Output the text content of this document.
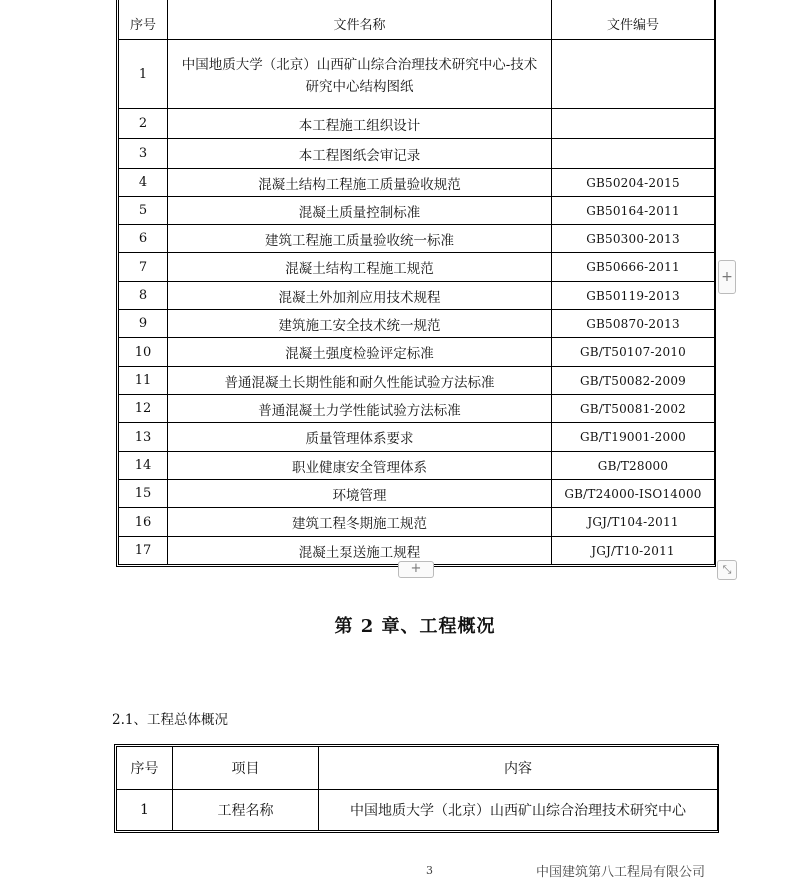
序号	文件名称	文件编号
1	中国地质大学（北京）山西矿山综合治理技术研究中心-技术
研究中心结构图纸	

2	本工程施工组织设计	
3	本工程图纸会审记录	
4	混凝土结构工程施工质量验收规范	GB50204-2015
5	混凝土质量控制标准	GB50164-2011
6	建筑工程施工质量验收统一标准	GB50300-2013
7	混凝土结构工程施工规范	GB50666-2011
8	混凝土外加剂应用技术规程	GB50119-2013
9	建筑施工安全技术统一规范	GB50870-2013
10	混凝土强度检验评定标准	GB/T50107-2010
11	普通混凝土长期性能和耐久性能试验方法标准	GB/T50082-2009
12	普通混凝土力学性能试验方法标准	GB/T50081-2002
13	质量管理体系要求	GB/T19001-2000
14	职业健康安全管理体系	GB/T28000
15	环境管理	GB/T24000-ISO14000
16	建筑工程冬期施工规范	JGJ/T104-2011
17	混凝土泵送施工规程	JGJ/T10-2011
+
+	⤡
第 2 章、工程概况
2.1、工程总体概况
序号	项目	内容
1	工程名称	中国地质大学（北京）山西矿山综合治理技术研究中心
3	中国建筑第八工程局有限公司
